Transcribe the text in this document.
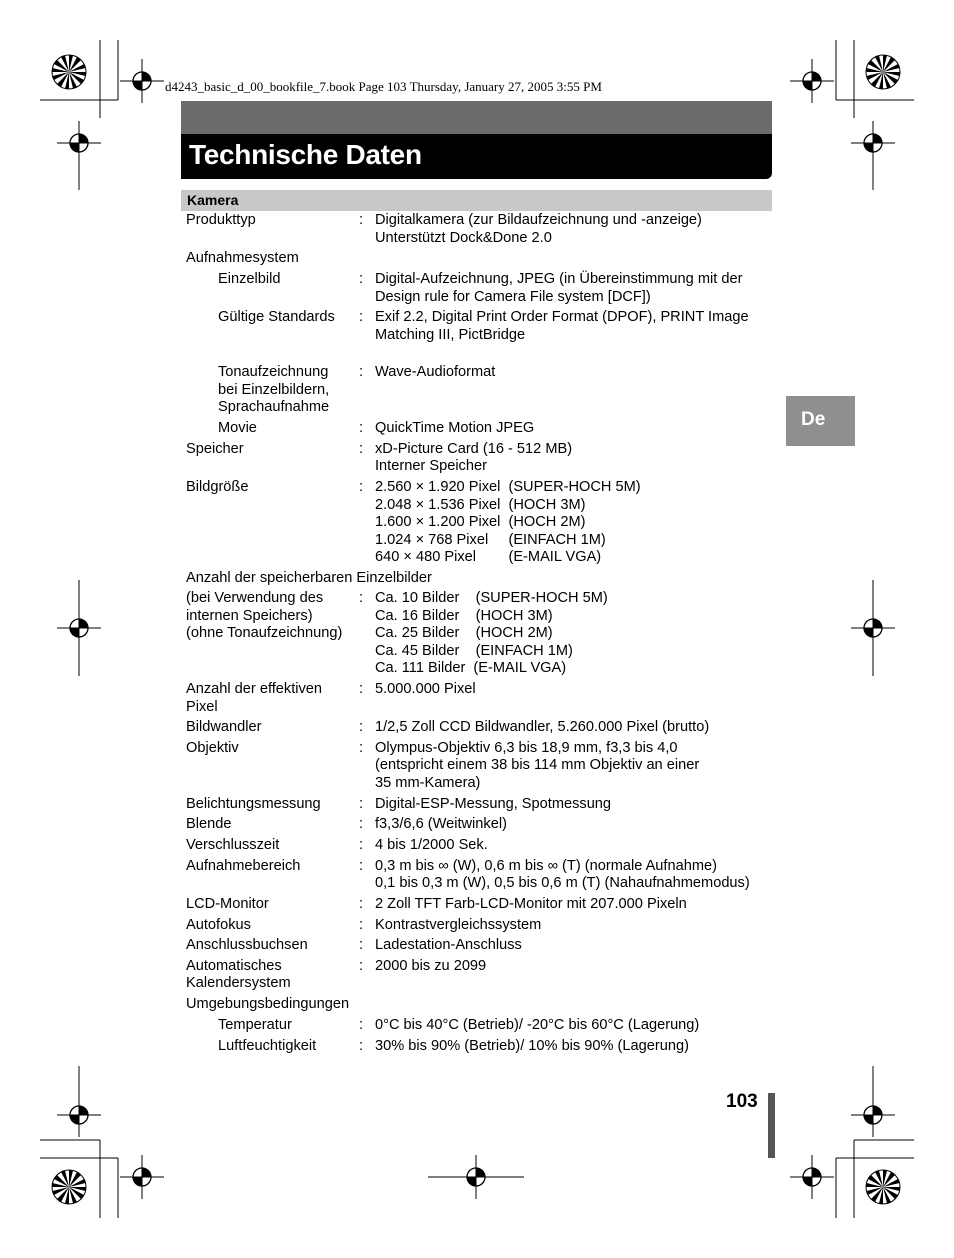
d4243_basic_d_00_bookfile_7.book Page 103 Thursday, January 27, 2005 3:55 PM
Technische Daten
Kamera
De
Produkttyp	: Digitalkamera (zur Bildaufzeichnung und -anzeige)
Unterstützt Dock&Done 2.0
Aufnahmesystem
Einzelbild	: Digital-Aufzeichnung, JPEG (in Übereinstimmung mit der
Design rule for Camera File system [DCF])
Gültige Standards	: Exif 2.2, Digital Print Order Format (DPOF), PRINT Image
Matching III, PictBridge
Tonaufzeichnung
bei Einzelbildern,
Sprachaufnahme
: Wave-Audioformat
Movie	: QuickTime Motion JPEG
Speicher	: xD-Picture Card (16 - 512 MB)
Interner Speicher
Bildgröße	: 2.560 × 1.920 Pixel  (SUPER-HOCH 5M)
2.048 × 1.536 Pixel  (HOCH 3M)
1.600 × 1.200 Pixel  (HOCH 2M)
1.024 × 768 Pixel     (EINFACH 1M)
640 × 480 Pixel        (E-MAIL VGA)
Anzahl der speicherbaren Einzelbilder
(bei Verwendung des
internen Speichers)
(ohne Tonaufzeichnung)
: Ca. 10 Bilder    (SUPER-HOCH 5M)
Ca. 16 Bilder    (HOCH 3M)
Ca. 25 Bilder    (HOCH 2M)
Ca. 45 Bilder    (EINFACH 1M)
Ca. 111 Bilder  (E-MAIL VGA)
Anzahl der effektiven
Pixel
: 5.000.000 Pixel
Bildwandler	: 1/2,5 Zoll CCD Bildwandler, 5.260.000 Pixel (brutto)
Objektiv	: Olympus-Objektiv 6,3 bis 18,9 mm, f3,3 bis 4,0
(entspricht einem 38 bis 114 mm Objektiv an einer
35 mm-Kamera)
Belichtungsmessung	: Digital-ESP-Messung, Spotmessung
Blende	: f3,3/6,6 (Weitwinkel)
Verschlusszeit	: 4 bis 1/2000 Sek.
Aufnahmebereich	: 0,3 m bis ∞ (W), 0,6 m bis ∞ (T) (normale Aufnahme)
0,1 bis 0,3 m (W), 0,5 bis 0,6 m (T) (Nahaufnahmemodus)
LCD-Monitor	: 2 Zoll TFT Farb-LCD-Monitor mit 207.000 Pixeln
Autofokus	: Kontrastvergleichssystem
Anschlussbuchsen	: Ladestation-Anschluss
Automatisches
Kalendersystem
: 2000 bis zu 2099
Umgebungsbedingungen
Temperatur	: 0°C bis 40°C (Betrieb)/ -20°C bis 60°C (Lagerung)
Luftfeuchtigkeit	: 30% bis 90% (Betrieb)/ 10% bis 90% (Lagerung)
103
